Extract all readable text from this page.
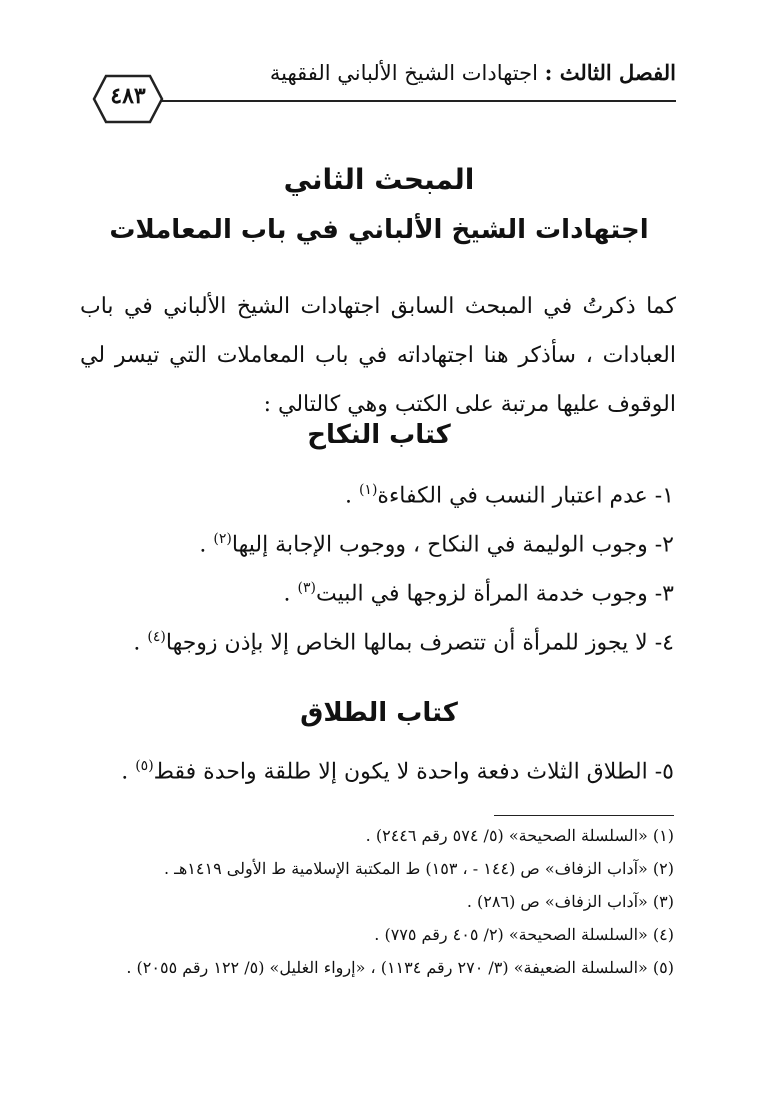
الفصل الثالث : اجتهادات الشيخ الألباني الفقهية
٤٨٣
المبحث الثاني
اجتهادات الشيخ الألباني في باب المعاملات
كما ذكرتُ في المبحث السابق اجتهادات الشيخ الألباني في باب العبادات ، سأذكر هنا اجتهاداته في باب المعاملات التي تيسر لي الوقوف عليها مرتبة على الكتب وهي كالتالي :
كتاب النكاح
١- عدم اعتبار النسب في الكفاءة$^{(١)}$ .
٢- وجوب الوليمة في النكاح ، ووجوب الإجابة إليها$^{(٢)}$ .
٣- وجوب خدمة المرأة لزوجها في البيت$^{(٣)}$ .
٤- لا يجوز للمرأة أن تتصرف بمالها الخاص إلا بإذن زوجها$^{(٤)}$ .
كتاب الطلاق
٥- الطلاق الثلاث دفعة واحدة لا يكون إلا طلقة واحدة فقط$^{(٥)}$ .
(١) «السلسلة الصحيحة» (٥/ ٥٧٤ رقم ٢٤٤٦) .
(٢) «آداب الزفاف» ص (١٤٤ - ، ١٥٣) ط المكتبة الإسلامية ط الأولى ١٤١٩هـ .
(٣) «آداب الزفاف» ص (٢٨٦) .
(٤) «السلسلة الصحيحة» (٢/ ٤٠٥ رقم ٧٧٥) .
(٥) «السلسلة الضعيفة» (٣/ ٢٧٠ رقم ١١٣٤) ، «إرواء الغليل» (٥/ ١٢٢ رقم ٢٠٥٥) .
